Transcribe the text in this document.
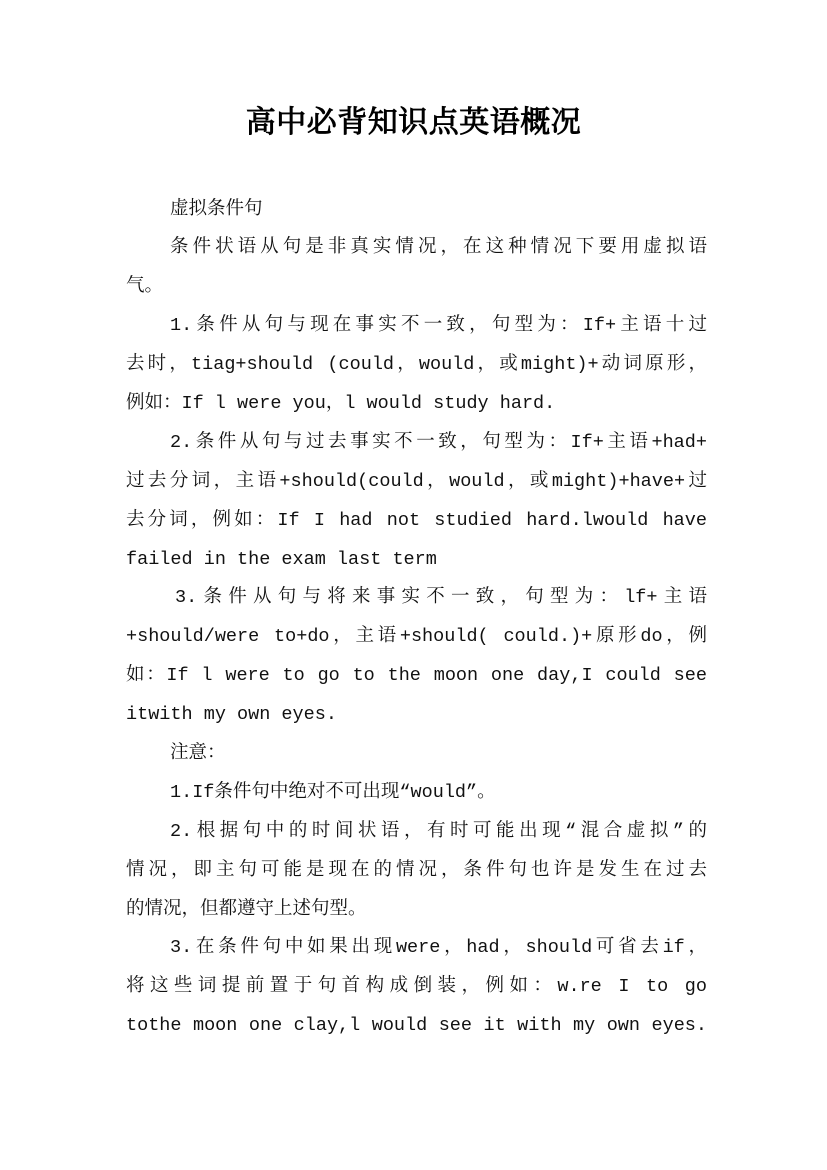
高中必背知识点英语概况
虚拟条件句
条件状语从句是非真实情况，在这种情况下要用虚拟语
气。
1.条件从句与现在事实不一致，句型为：If+主语十过
去时，tiag+should (could，would，或might)+动词原形，
例如：If l were you，l would study hard.
2.条件从句与过去事实不一致，句型为：If+主语+had+
过去分词，主语+should(could，would，或might)+have+过
去分词，例如：If I had not studied hard.lwould have
failed in the exam last term
3.条件从句与将来事实不一致，句型为：lf+主语
+should/were to+do，主语+should( could.)+原形do，例
如：If l were to go to the moon one day,I could see
itwith my own eyes.
注意：
1.If条件句中绝对不可出现“would”。
2.根据句中的时间状语，有时可能出现“混合虚拟”的
情况，即主句可能是现在的情况，条件句也许是发生在过去
的情况，但都遵守上述句型。
3.在条件句中如果出现were，had，should可省去if，
将这些词提前置于句首构成倒装，例如：w.re I to go
tothe moon one clay,l would see it with my own eyes.
